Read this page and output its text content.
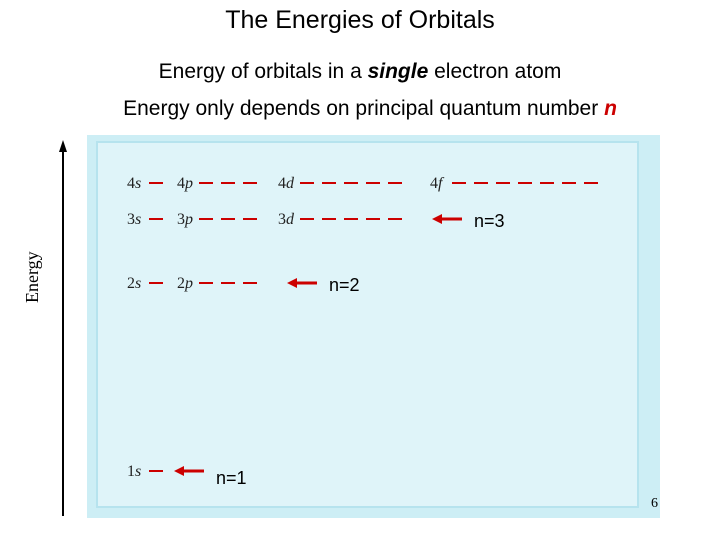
The Energies of Orbitals
Energy of orbitals in a single electron atom
Energy only depends on principal quantum number n
Energy
4s 4p	4d	4f
3s 3p	3d	n=3
2s 2p	n=2
1s	n=1
6
